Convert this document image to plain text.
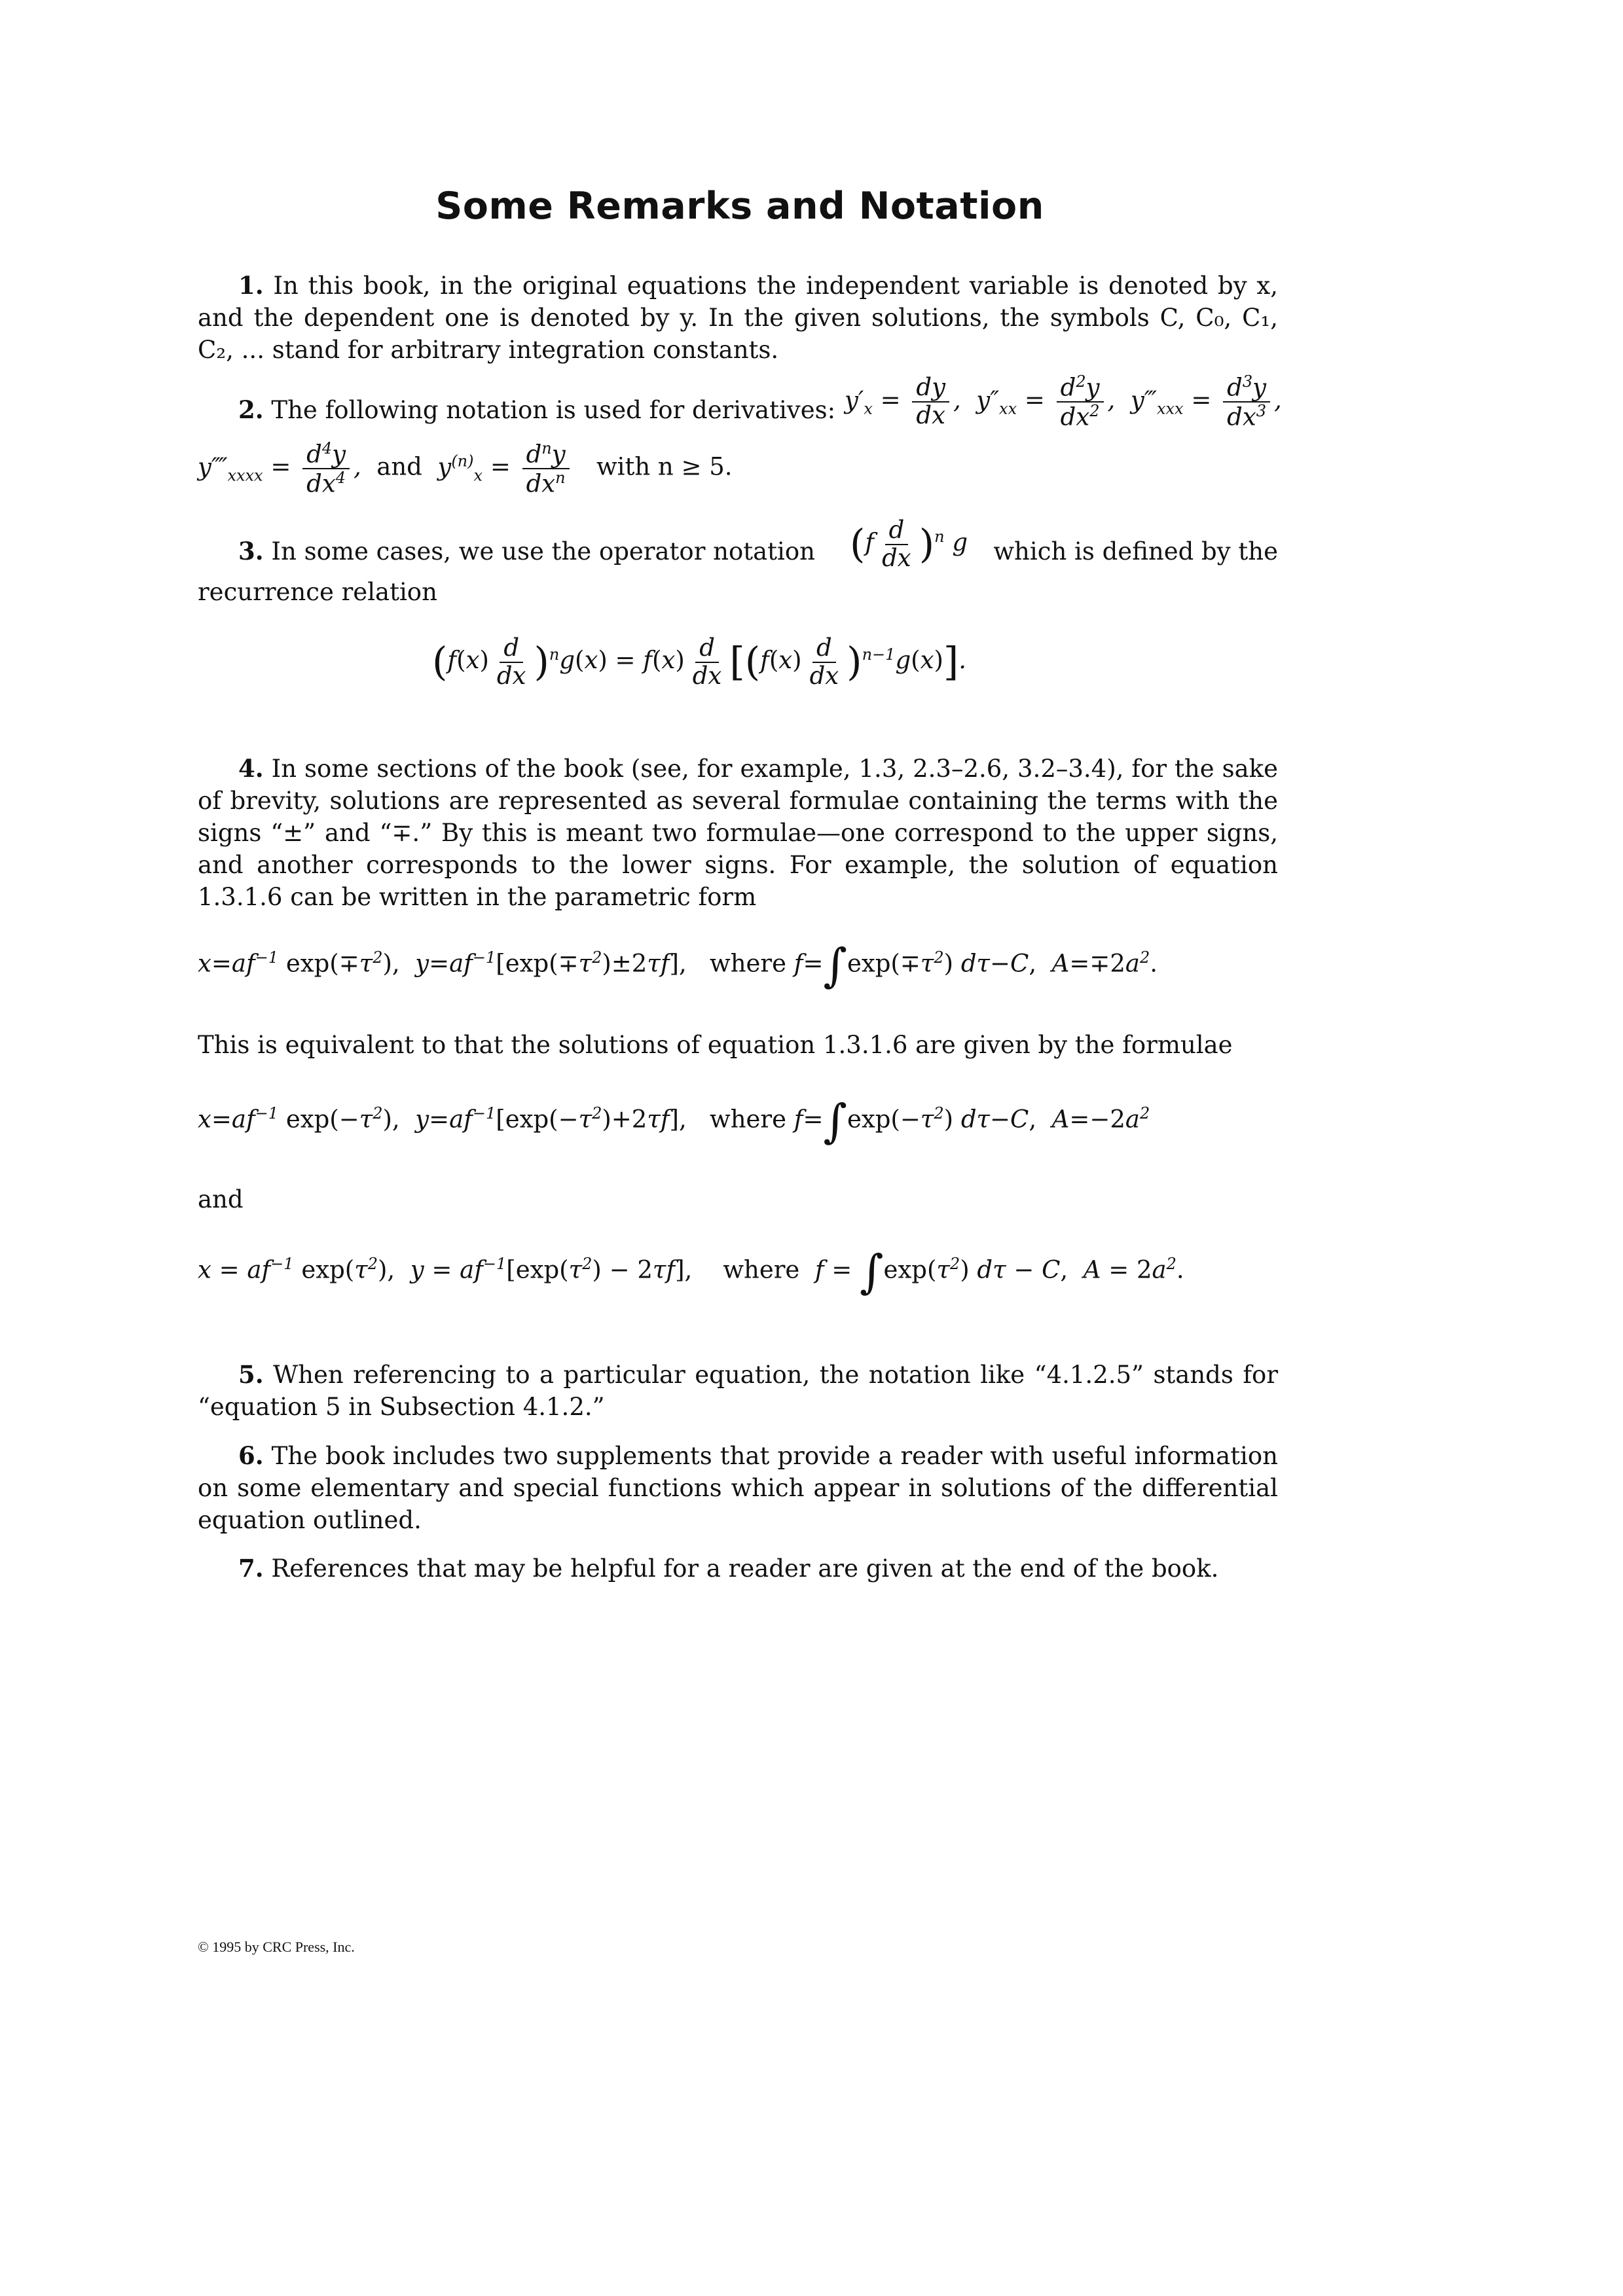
Some Remarks and Notation
1. In this book, in the original equations the independent variable is denoted by x, and the dependent one is denoted by y. In the given solutions, the symbols C, C₀, C₁, C₂, ... stand for arbitrary integration constants.
2. The following notation is used for derivatives: $y'_x = \frac{dy}{dx}$ ,  $y''_{xx} = \frac{d^2y}{dx^2}$ ,  $y‴_{xxx} = \frac{d^3y}{dx^3}$ ,
$y⁗_{xxxx} = \frac{d^4y}{dx^4}$ ,  and $y^{(n)}_x = \frac{d^ny}{dx^n}$ with n ≥ 5.
3. In some cases, we use the operator notation $(f \frac{d}{dx} )^n$ g	which is defined by the
recurrence relation
$(f(x) \frac{d}{dx} )^ng(x) = f(x) \frac{d}{dx} [(f(x) \frac{d}{dx} )^{n-1}g(x)]$.
4. In some sections of the book (see, for example, 1.3, 2.3–2.6, 3.2–3.4), for the sake of brevity, solutions are represented as several formulae containing the terms with the signs “±” and “∓.” By this is meant two formulae—one correspond to the upper signs, and another corresponds to the lower signs. For example, the solution of equation 1.3.1.6 can be written in the parametric form
$x=af^{-1}$ $\exp(\mp\tau^2)$,  $y=af^{-1}[\exp(\mp\tau^2)\pm 2\tau f]$, where $f=\int\exp(\mp\tau^2)$ dτ−C,  $A=\mp 2a^2$.
This is equivalent to that the solutions of equation 1.3.1.6 are given by the formulae
$x=af^{-1}$ $\exp(-\tau^2)$,  $y=af^{-1}[\exp(-\tau^2)+2\tau f]$, where $f=\int\exp(-\tau^2)$ dτ−C,  $A=-2a^2$
and
$x = af^{-1}$ $\exp(\tau^2)$,  $y = af^{-1}[\exp(\tau^2) - 2\tau f]$, where  $f = \int\exp(\tau^2) d\tau - C$,  $A = 2a^2$.
5. When referencing to a particular equation, the notation like “4.1.2.5” stands for “equation 5 in Subsection 4.1.2.”
6. The book includes two supplements that provide a reader with useful information on some elementary and special functions which appear in solutions of the differential equation outlined.
7. References that may be helpful for a reader are given at the end of the book.
© 1995 by CRC Press, Inc.
